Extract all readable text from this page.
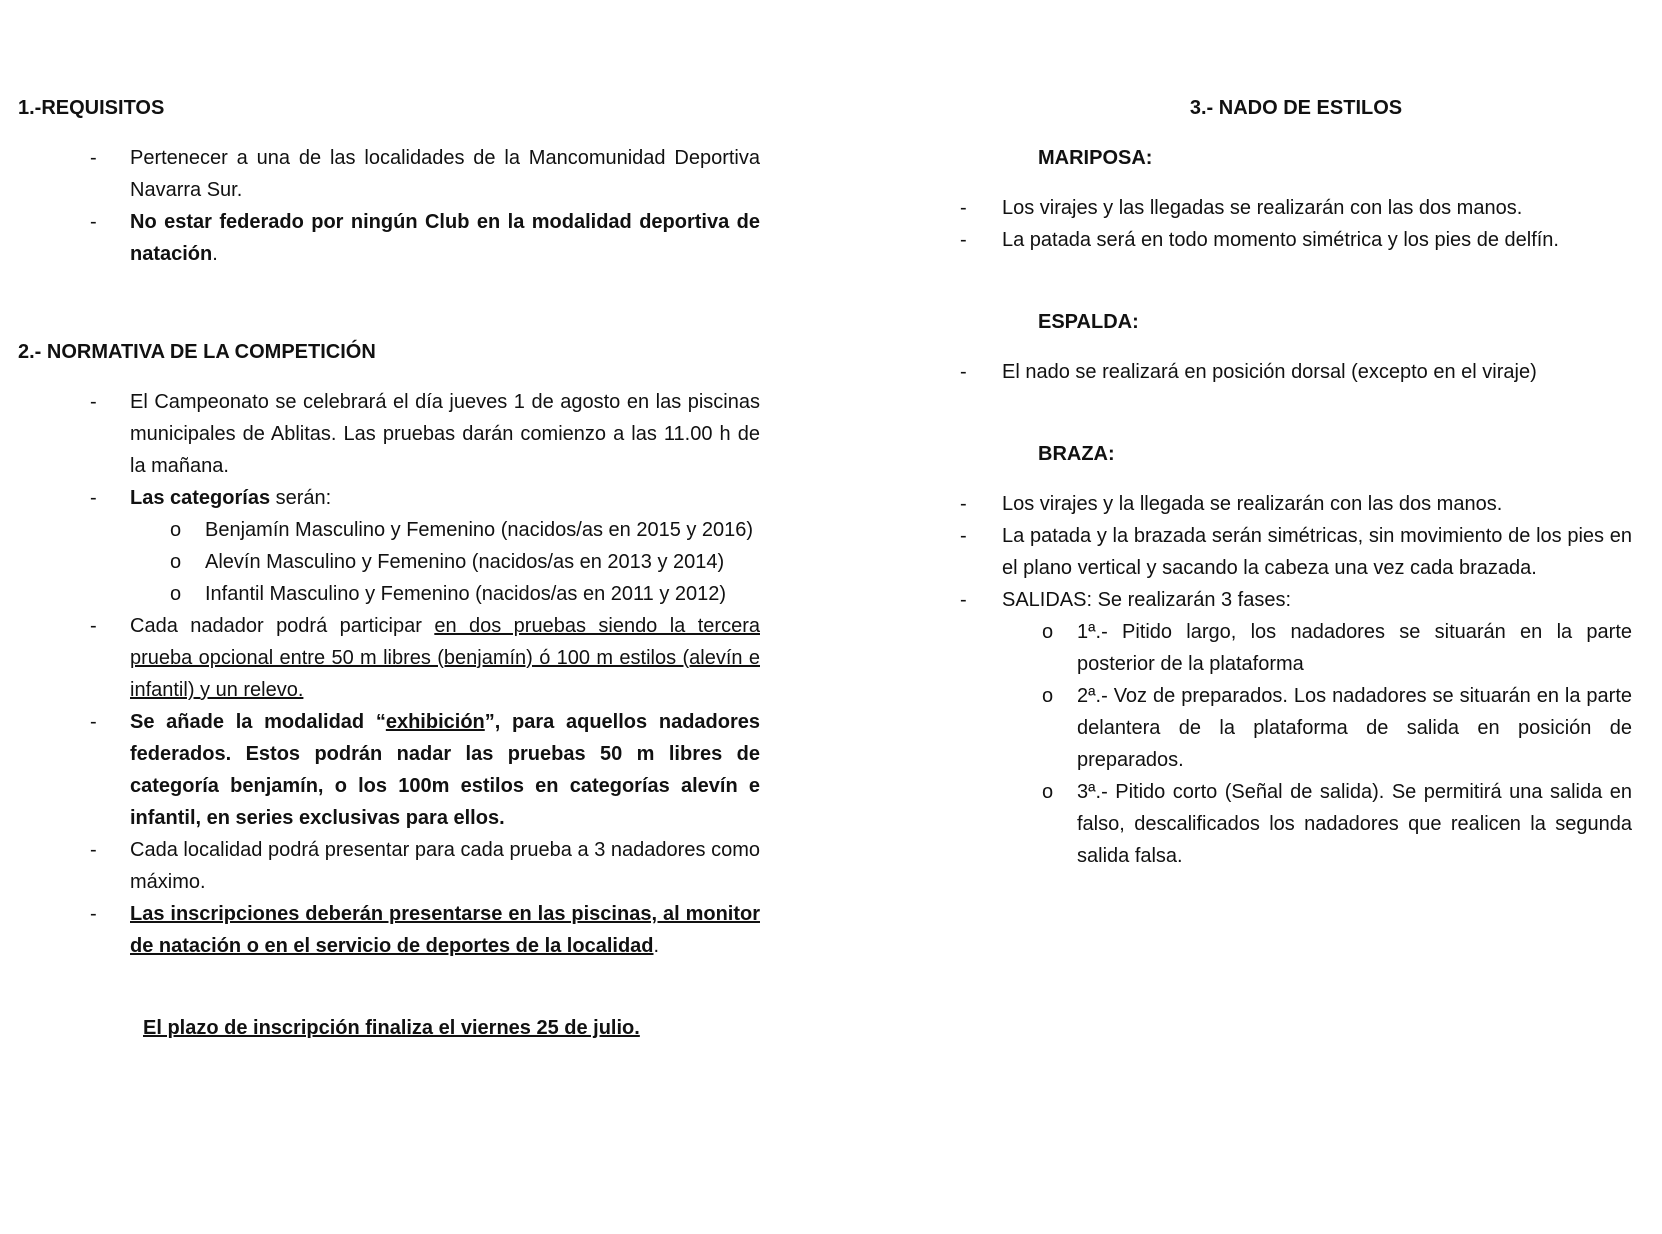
1.-REQUISITOS
- Pertenecer a una de las localidades de la Mancomunidad Deportiva Navarra Sur.
- No estar federado por ningún Club en la modalidad deportiva de natación.
2.- NORMATIVA DE LA COMPETICIÓN
- El Campeonato se celebrará el día jueves 1 de agosto en las piscinas municipales de Ablitas. Las pruebas darán comienzo a las 11.00 h de la mañana.
- Las categorías serán:
o Benjamín Masculino y Femenino (nacidos/as en 2015 y 2016)
o Alevín Masculino y Femenino (nacidos/as en 2013 y 2014)
o Infantil Masculino y Femenino (nacidos/as en 2011 y 2012)
- Cada nadador podrá participar en dos pruebas siendo la tercera prueba opcional entre 50 m libres (benjamín) ó 100 m estilos (alevín e infantil) y un relevo.
- Se añade la modalidad “exhibición”, para aquellos nadadores federados. Estos podrán nadar las pruebas 50 m libres de categoría benjamín, o los 100m estilos en categorías alevín e infantil, en series exclusivas para ellos.
- Cada localidad podrá presentar para cada prueba a 3 nadadores como máximo.
- Las inscripciones deberán presentarse en las piscinas, al monitor de natación o en el servicio de deportes de la localidad.

El plazo de inscripción finaliza el viernes 25 de julio.

3.- NADO DE ESTILOS

MARIPOSA:

- Los virajes y las llegadas se realizarán con las dos manos.
- La patada será en todo momento simétrica y los pies de delfín.

ESPALDA:

- El nado se realizará en posición dorsal (excepto en el viraje)

BRAZA:

- Los virajes y la llegada se realizarán con las dos manos.
- La patada y la brazada serán simétricas, sin movimiento de los pies en el plano vertical y sacando la cabeza una vez cada brazada.
- SALIDAS: Se realizarán 3 fases:
o 1ª.- Pitido largo, los nadadores se situarán en la parte posterior de la plataforma
o 2ª.- Voz de preparados. Los nadadores se situarán en la parte delantera de la plataforma de salida en posición de preparados.
o 3ª.- Pitido corto (Señal de salida). Se permitirá una salida en falso, descalificados los nadadores que realicen la segunda salida falsa.
